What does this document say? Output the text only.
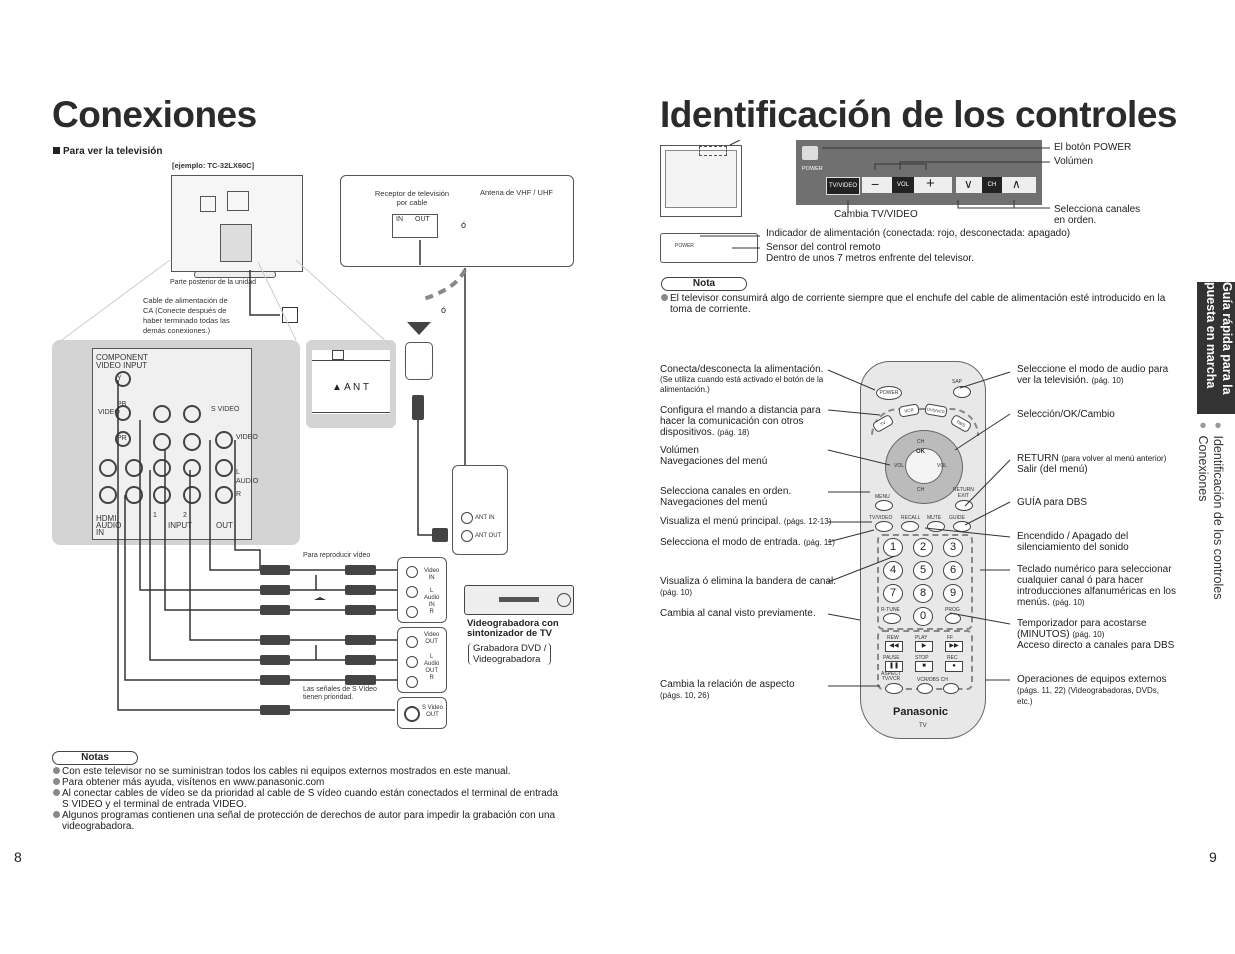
Conexiones
Para ver la televisión
[ejemplo: TC-32LX60C]
Parte posterior de la unidad
Cable de alimentación de
CA (Conecte después de
haber terminado todas las
demás conexiones.)
Receptor de televisión
por cable
IN OUT
Antena de VHF / UHF
ó
ó
COMPONENT
VIDEO INPUT
Y
PB
VIDEO
PR
S VIDEO
VIDEO
AUDIO
L
R
HDMI
AUDIO
IN
1	2
INPUT	OUT
▲ A N T
ANT IN
ANT OUT
Para reproducir vídeo
Video
IN
L
Audio
IN
R
Video
OUT
L
Audio
OUT
R
S Video
OUT
Las señales de S Vídeo
tienen prioridad.
Videograbadora con
sintonizador de TV
Grabadora DVD /
Videograbadora
Notas
Con este televisor no se suministran todos los cables ni equipos externos mostrados en este manual.
Para obtener más ayuda, visítenos en www.panasonic.com
Al conectar cables de vídeo se da prioridad al cable de S vídeo cuando están conectados el terminal de entrada
S VIDEO y el terminal de entrada VIDEO.
Algunos programas contienen una señal de protección de derechos de autor para impedir la grabación con una
videograbadora.
8
Identificación de los controles
POWER
POWER
TV/VIDEO −	VOL	+ ∨	CH	∧
El botón POWER
Volúmen
Selecciona canales
en orden.
Cambia TV/VIDEO
Indicador de alimentación (conectada: rojo, desconectada: apagado)
Sensor del control remoto
Dentro de unos 7 metros enfrente del televisor.
Nota
El televisor consumirá algo de corriente siempre que el enchufe del cable de alimentación esté introducido en la
toma de corriente.	Guía rápida para la
puesta en marcha
● Identificación de los controles
● Conexiones
POWER
SAP
TV
VCR	DVD/VCR
DBS
CH
OK
CH
VOL	VOL
MENU
RETURN
EXIT
TV/VIDEO RECALL MUTE GUIDE
1	2	3
4	5	6
7	8	9
0
R-TUNE	PROG
REW	PLAY	FF
◀◀	▶	▶▶
PAUSE	STOP	REC
❚❚	■	●
ASPECT
TV/VCR	VCR/DBS CH
Panasonic
TV
Conecta/desconecta la alimentación.
(Se utiliza cuando está activado el botón de la
alimentación.)
Configura el mando a distancia para
hacer la comunicación con otros
dispositivos. (pág. 18)
Volúmen
Navegaciones del menú
Selecciona canales en orden.
Navegaciones del menú
Visualiza el menú principal. (págs. 12-13)
Selecciona el modo de entrada. (pág. 11)
Visualiza ó elimina la bandera de canal.
(pág. 10)
Cambia al canal visto previamente.
Cambia la relación de aspecto
(págs. 10, 26)
Seleccione el modo de audio para
ver la televisión. (pág. 10)
Selección/OK/Cambio
RETURN (para volver al menú anterior)
Salir (del menú)
GUÍA para DBS
Encendido / Apagado del
silenciamiento del sonido
Teclado numérico para seleccionar
cualquier canal ó para hacer
introducciones alfanuméricas en los
menús. (pág. 10)
Temporizador para acostarse
(MINUTOS) (pág. 10)
Acceso directo a canales para DBS
Operaciones de equipos externos
(págs. 11, 22) (Videograbadoras, DVDs,
etc.)
9
